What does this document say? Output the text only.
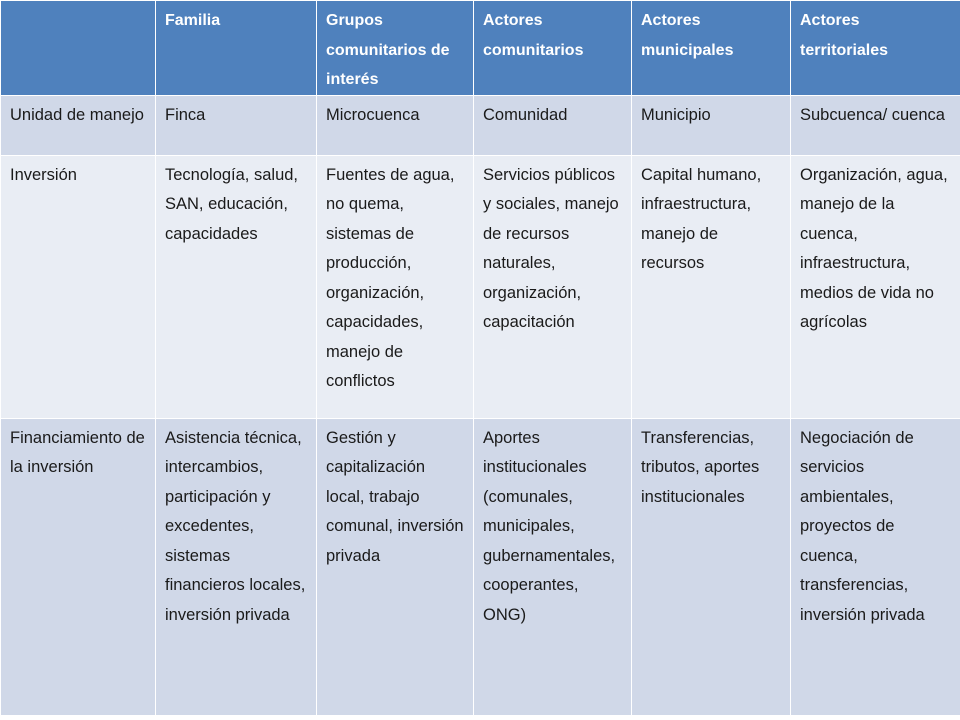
	Familia	Grupos comunitarios de interés	Actores comunitarios	Actores municipales	Actores territoriales
Unidad de manejo	Finca	Microcuenca	Comunidad	Municipio	Subcuenca/ cuenca
Inversión	Tecnología, salud, SAN, educación, capacidades	Fuentes de agua, no quema, sistemas de producción, organización, capacidades, manejo de conflictos	Servicios públicos y sociales, manejo de recursos naturales, organización, capacitación	Capital humano, infraestructura, manejo de recursos	Organización, agua, manejo de la cuenca, infraestructura, medios de vida no agrícolas
Financiamiento de la inversión	Asistencia técnica, intercambios, participación y excedentes, sistemas financieros locales, inversión privada	Gestión y capitalización local, trabajo comunal, inversión privada	Aportes institucionales (comunales, municipales, gubernamentales, cooperantes, ONG)	Transferencias, tributos, aportes institucionales	Negociación de servicios ambientales, proyectos de cuenca, transferencias, inversión privada
